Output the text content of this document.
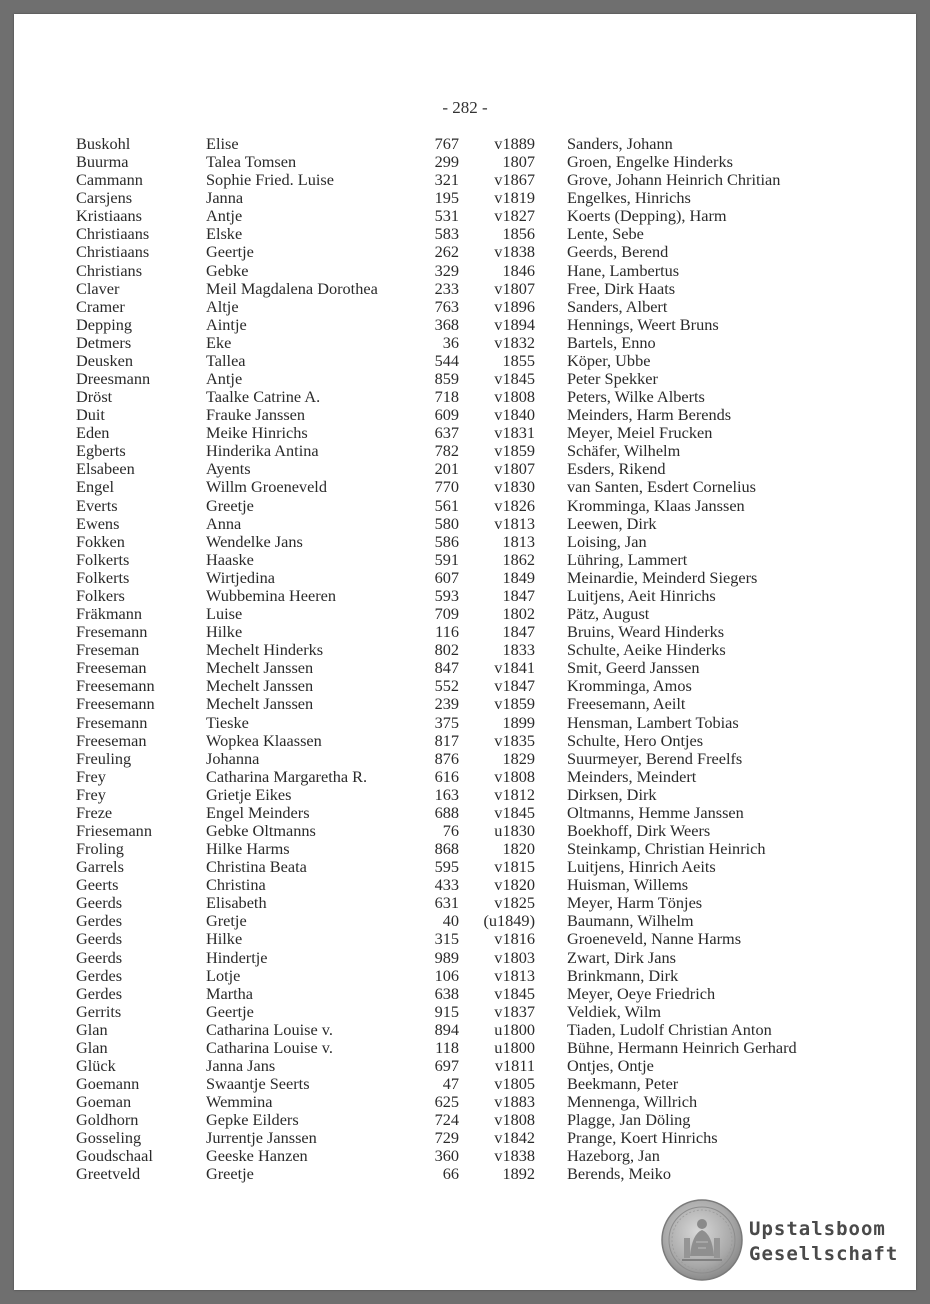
- 282 -
Buskohl	Elise	767	v1889 Sanders, Johann
Buurma	Talea Tomsen	299	1807 Groen, Engelke Hinderks
Cammann	Sophie Fried. Luise	321	v1867 Grove, Johann Heinrich Chritian
Carsjens	Janna	195	v1819 Engelkes, Hinrichs
Kristiaans	Antje	531	v1827 Koerts (Depping), Harm
Christiaans	Elske	583	1856 Lente, Sebe
Christiaans	Geertje	262	v1838 Geerds, Berend
Christians	Gebke	329	1846 Hane, Lambertus
Claver	Meil Magdalena Dorothea	233	v1807 Free, Dirk Haats
Cramer	Altje	763	v1896 Sanders, Albert
Depping	Aintje	368	v1894 Hennings, Weert Bruns
Detmers	Eke	36	v1832 Bartels, Enno
Deusken	Tallea	544	1855 Köper, Ubbe
Dreesmann	Antje	859	v1845 Peter Spekker
Dröst	Taalke Catrine A.	718	v1808 Peters, Wilke Alberts
Duit	Frauke Janssen	609	v1840 Meinders, Harm Berends
Eden	Meike Hinrichs	637	v1831 Meyer, Meiel Frucken
Egberts	Hinderika Antina	782	v1859 Schäfer, Wilhelm
Elsabeen	Ayents	201	v1807 Esders, Rikend
Engel	Willm Groeneveld	770	v1830 van Santen, Esdert Cornelius
Everts	Greetje	561	v1826 Kromminga, Klaas Janssen
Ewens	Anna	580	v1813 Leewen, Dirk
Fokken	Wendelke Jans	586	1813 Loising, Jan
Folkerts	Haaske	591	1862 Lühring, Lammert
Folkerts	Wirtjedina	607	1849 Meinardie, Meinderd Siegers
Folkers	Wubbemina Heeren	593	1847 Luitjens, Aeit Hinrichs
Fräkmann	Luise	709	1802 Pätz, August
Fresemann	Hilke	116	1847 Bruins, Weard Hinderks
Freseman	Mechelt Hinderks	802	1833 Schulte, Aeike Hinderks
Freeseman	Mechelt Janssen	847	v1841 Smit, Geerd Janssen
Freesemann	Mechelt Janssen	552	v1847 Kromminga, Amos
Freesemann	Mechelt Janssen	239	v1859 Freesemann, Aeilt
Fresemann	Tieske	375	1899 Hensman, Lambert Tobias
Freeseman	Wopkea Klaassen	817	v1835 Schulte, Hero Ontjes
Freuling	Johanna	876	1829 Suurmeyer, Berend Freelfs
Frey	Catharina Margaretha R.	616	v1808 Meinders, Meindert
Frey	Grietje Eikes	163	v1812 Dirksen, Dirk
Freze	Engel Meinders	688	v1845 Oltmanns, Hemme Janssen
Friesemann	Gebke Oltmanns	76	u1830 Boekhoff, Dirk Weers
Froling	Hilke Harms	868	1820 Steinkamp, Christian Heinrich
Garrels	Christina Beata	595	v1815 Luitjens, Hinrich Aeits
Geerts	Christina	433	v1820 Huisman, Willems
Geerds	Elisabeth	631	v1825 Meyer, Harm Tönjes
Gerdes	Gretje	40 (u1849) Baumann, Wilhelm
Geerds	Hilke	315	v1816 Groeneveld, Nanne Harms
Geerds	Hindertje	989	v1803 Zwart, Dirk Jans
Gerdes	Lotje	106	v1813 Brinkmann, Dirk
Gerdes	Martha	638	v1845 Meyer, Oeye Friedrich
Gerrits	Geertje	915	v1837 Veldiek, Wilm
Glan	Catharina Louise v.	894	u1800 Tiaden, Ludolf Christian Anton
Glan	Catharina Louise v.	118	u1800 Bühne, Hermann Heinrich Gerhard
Glück	Janna Jans	697	v1811 Ontjes, Ontje
Goemann	Swaantje Seerts	47	v1805 Beekmann, Peter
Goeman	Wemmina	625	v1883 Mennenga, Willrich
Goldhorn	Gepke Eilders	724	v1808 Plagge, Jan Döling
Gosseling	Jurrentje Janssen	729	v1842 Prange, Koert Hinrichs
Goudschaal	Geeske Hanzen	360	v1838 Hazeborg, Jan
Greetveld	Greetje	66	1892 Berends, Meiko
Upstalsboom
Gesellschaft
